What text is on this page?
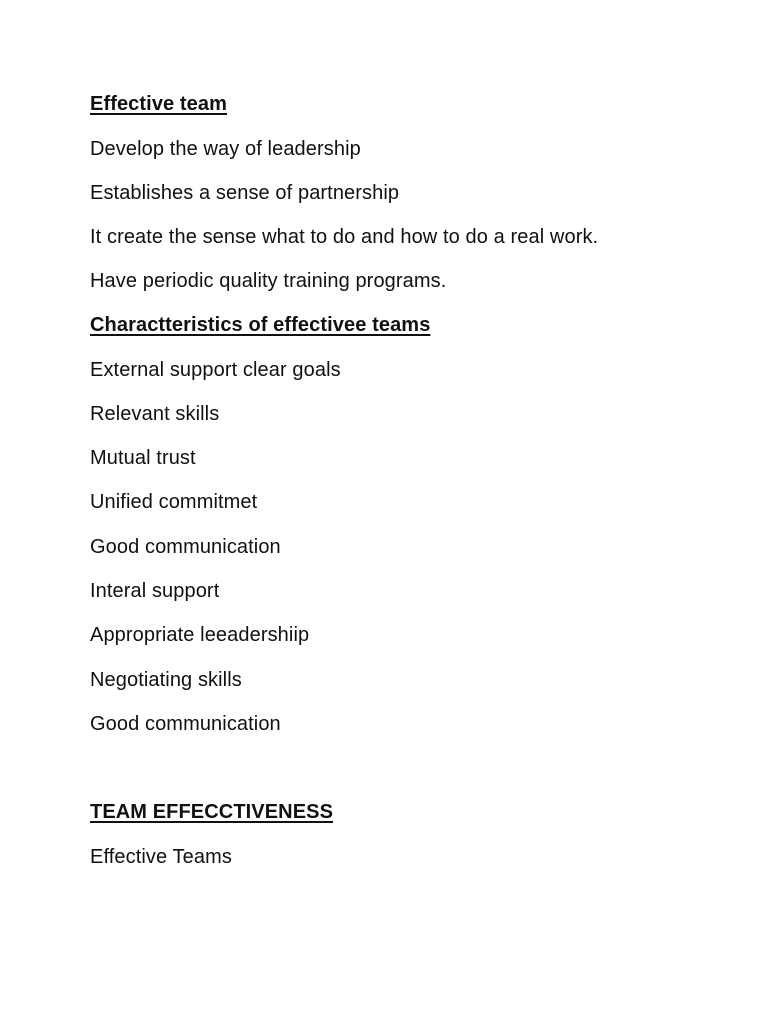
Effective team
Develop the way of leadership
Establishes a sense of partnership
It create the sense what to do and how to do a real work.
Have periodic quality training programs.
Charactteristics of effectivee teams
External support clear goals
Relevant skills
Mutual trust
Unified commitmet
Good communication
Interal support
Appropriate leeadershiip
Negotiating skills
Good communication
TEAM EFFECCTIVENESS
Effective Teams
